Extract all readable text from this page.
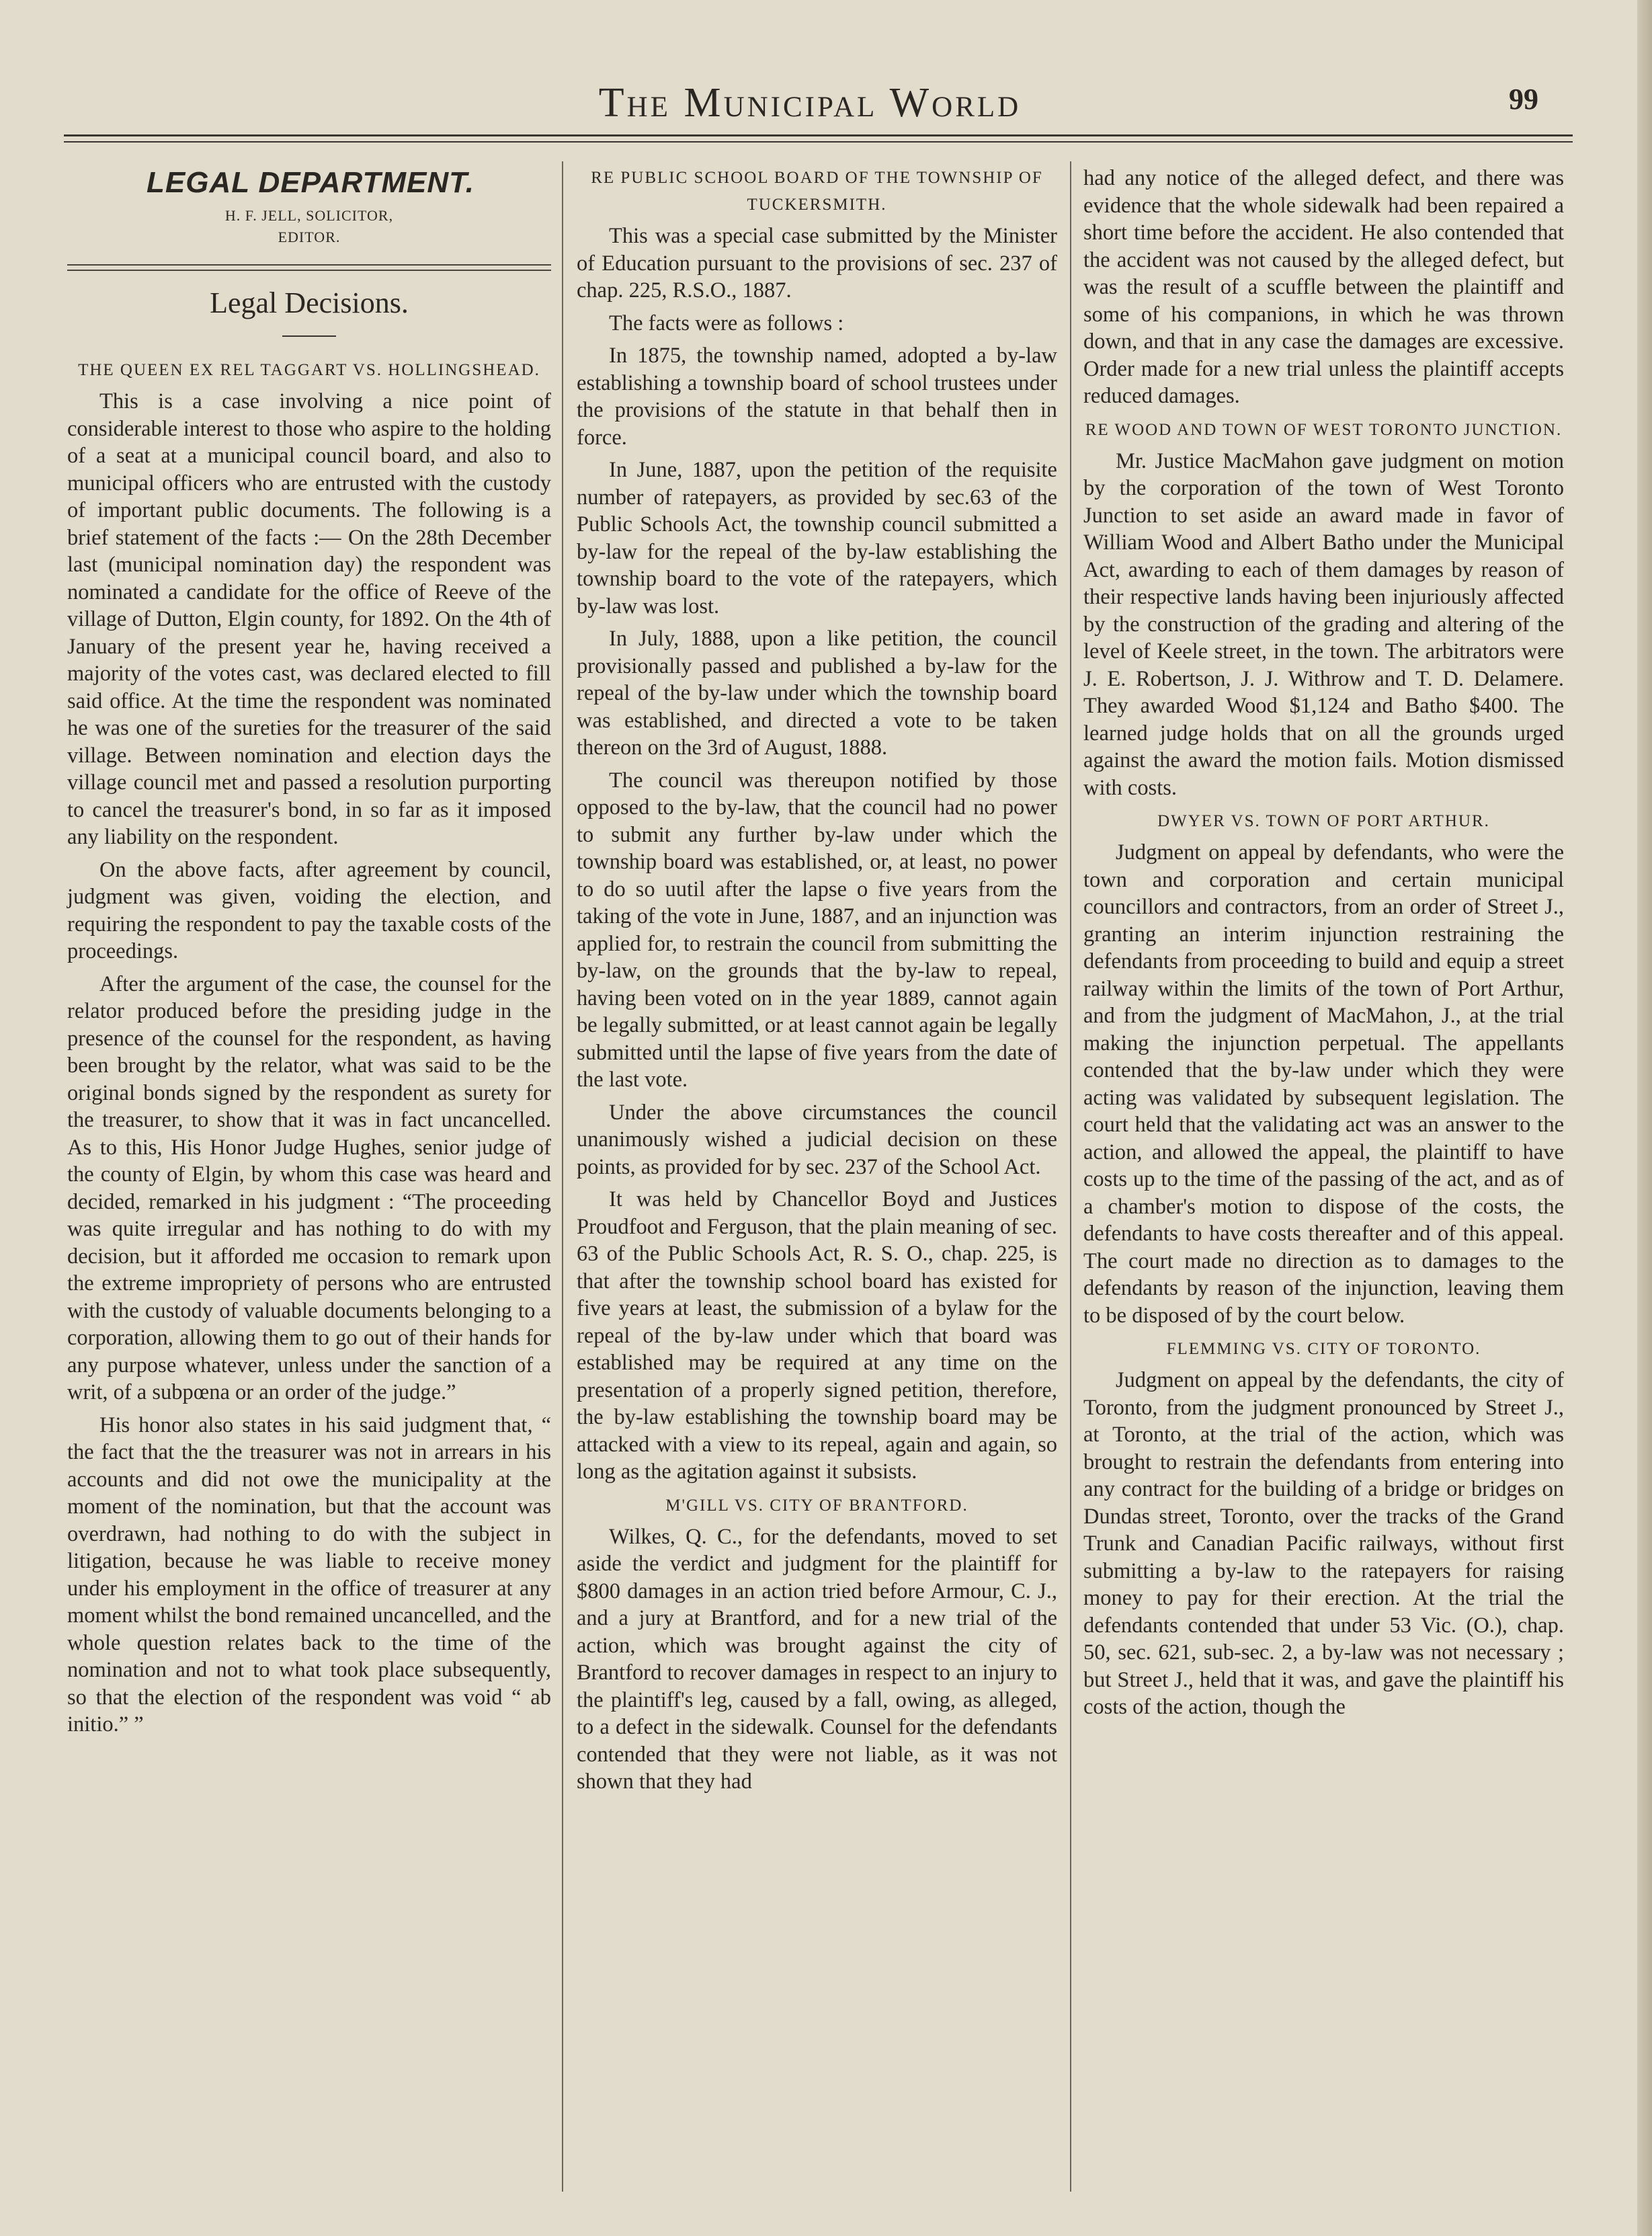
The Municipal World	99
LEGAL DEPARTMENT.
H. F. JELL, SOLICITOR,
EDITOR.
Legal Decisions.
THE QUEEN EX REL TAGGART VS. HOLLINGSHEAD.

This is a case involving a nice point of considerable interest to those who aspire to the holding of a seat at a municipal council board, and also to municipal officers who are entrusted with the custody of important public documents. The following is a brief statement of the facts :— On the 28th December last (municipal nomination day) the respondent was nominated a candidate for the office of Reeve of the village of Dutton, Elgin county, for 1892. On the 4th of January of the present year he, having received a majority of the votes cast, was declared elected to fill said office. At the time the respondent was nominated he was one of the sureties for the treasurer of the said village. Between nomination and election days the village council met and passed a resolution purporting to cancel the treasurer's bond, in so far as it imposed any liability on the respondent.

On the above facts, after agreement by council, judgment was given, voiding the election, and requiring the respondent to pay the taxable costs of the proceedings.

After the argument of the case, the counsel for the relator produced before the presiding judge in the presence of the counsel for the respondent, as having been brought by the relator, what was said to be the original bonds signed by the respondent as surety for the treasurer, to show that it was in fact uncancelled. As to this, His Honor Judge Hughes, senior judge of the county of Elgin, by whom this case was heard and decided, remarked in his judgment : “The proceeding was quite irregular and has nothing to do with my decision, but it afforded me occasion to remark upon the extreme impropriety of persons who are entrusted with the custody of valuable documents belonging to a corporation, allowing them to go out of their hands for any purpose whatever, unless under the sanction of a writ, of a subpœna or an order of the judge.”

His honor also states in his said judgment that, “ the fact that the the treasurer was not in arrears in his accounts and did not owe the municipality at the moment of the nomination, but that the account was overdrawn, had nothing to do with the subject in litigation, because he was liable to receive money under his employment in the office of treasurer at any moment whilst the bond remained uncancelled, and the whole question relates back to the time of the nomination and not to what took place subsequently, so that the election of the respondent was void “ ab initio.” ”

RE PUBLIC SCHOOL BOARD OF THE TOWNSHIP OF TUCKERSMITH.

This was a special case submitted by the Minister of Education pursuant to the provisions of sec. 237 of chap. 225, R.S.O., 1887.

The facts were as follows :

In 1875, the township named, adopted a by-law establishing a township board of school trustees under the provisions of the statute in that behalf then in force.

In June, 1887, upon the petition of the requisite number of ratepayers, as provided by sec.63 of the Public Schools Act, the township council submitted a by-law for the repeal of the by-law establishing the township board to the vote of the ratepayers, which by-law was lost.

In July, 1888, upon a like petition, the council provisionally passed and published a by-law for the repeal of the by-law under which the township board was established, and directed a vote to be taken thereon on the 3rd of August, 1888.

The council was thereupon notified by those opposed to the by-law, that the council had no power to submit any further by-law under which the township board was established, or, at least, no power to do so uutil after the lapse o five years from the taking of the vote in June, 1887, and an injunction was applied for, to restrain the council from submitting the by-law, on the grounds that the by-law to repeal, having been voted on in the year 1889, cannot again be legally submitted, or at least cannot again be legally submitted until the lapse of five years from the date of the last vote.

Under the above circumstances the council unanimously wished a judicial decision on these points, as provided for by sec. 237 of the School Act.

It was held by Chancellor Boyd and Justices Proudfoot and Ferguson, that the plain meaning of sec. 63 of the Public Schools Act, R. S. O., chap. 225, is that after the township school board has existed for five years at least, the submission of a bylaw for the repeal of the by-law under which that board was established may be required at any time on the presentation of a properly signed petition, therefore, the by-law establishing the township board may be attacked with a view to its repeal, again and again, so long as the agitation against it subsists.

M'GILL VS. CITY OF BRANTFORD.

Wilkes, Q. C., for the defendants, moved to set aside the verdict and judgment for the plaintiff for $800 damages in an action tried before Armour, C. J., and a jury at Brantford, and for a new trial of the action, which was brought against the city of Brantford to recover damages in respect to an injury to the plaintiff's leg, caused by a fall, owing, as alleged, to a defect in the sidewalk. Counsel for the defendants contended that they were not liable, as it was not shown that they had

had any notice of the alleged defect, and there was evidence that the whole sidewalk had been repaired a short time before the accident. He also contended that the accident was not caused by the alleged defect, but was the result of a scuffle between the plaintiff and some of his companions, in which he was thrown down, and that in any case the damages are excessive. Order made for a new trial unless the plaintiff accepts reduced damages.

RE WOOD AND TOWN OF WEST TORONTO JUNCTION.

Mr. Justice MacMahon gave judgment on motion by the corporation of the town of West Toronto Junction to set aside an award made in favor of William Wood and Albert Batho under the Municipal Act, awarding to each of them damages by reason of their respective lands having been injuriously affected by the construction of the grading and altering of the level of Keele street, in the town. The arbitrators were J. E. Robertson, J. J. Withrow and T. D. Delamere. They awarded Wood $1,124 and Batho $400. The learned judge holds that on all the grounds urged against the award the motion fails. Motion dismissed with costs.

DWYER VS. TOWN OF PORT ARTHUR.

Judgment on appeal by defendants, who were the town and corporation and certain municipal councillors and contractors, from an order of Street J., granting an interim injunction restraining the defendants from proceeding to build and equip a street railway within the limits of the town of Port Arthur, and from the judgment of MacMahon, J., at the trial making the injunction perpetual. The appellants contended that the by-law under which they were acting was validated by subsequent legislation. The court held that the validating act was an answer to the action, and allowed the appeal, the plaintiff to have costs up to the time of the passing of the act, and as of a chamber's motion to dispose of the costs, the defendants to have costs thereafter and of this appeal. The court made no direction as to damages to the defendants by reason of the injunction, leaving them to be disposed of by the court below.

FLEMMING VS. CITY OF TORONTO.

Judgment on appeal by the defendants, the city of Toronto, from the judgment pronounced by Street J., at Toronto, at the trial of the action, which was brought to restrain the defendants from entering into any contract for the building of a bridge or bridges on Dundas street, Toronto, over the tracks of the Grand Trunk and Canadian Pacific railways, without first submitting a by-law to the ratepayers for raising money to pay for their erection. At the trial the defendants contended that under 53 Vic. (O.), chap. 50, sec. 621, sub-sec. 2, a by-law was not necessary ; but Street J., held that it was, and gave the plaintiff his costs of the action, though the
